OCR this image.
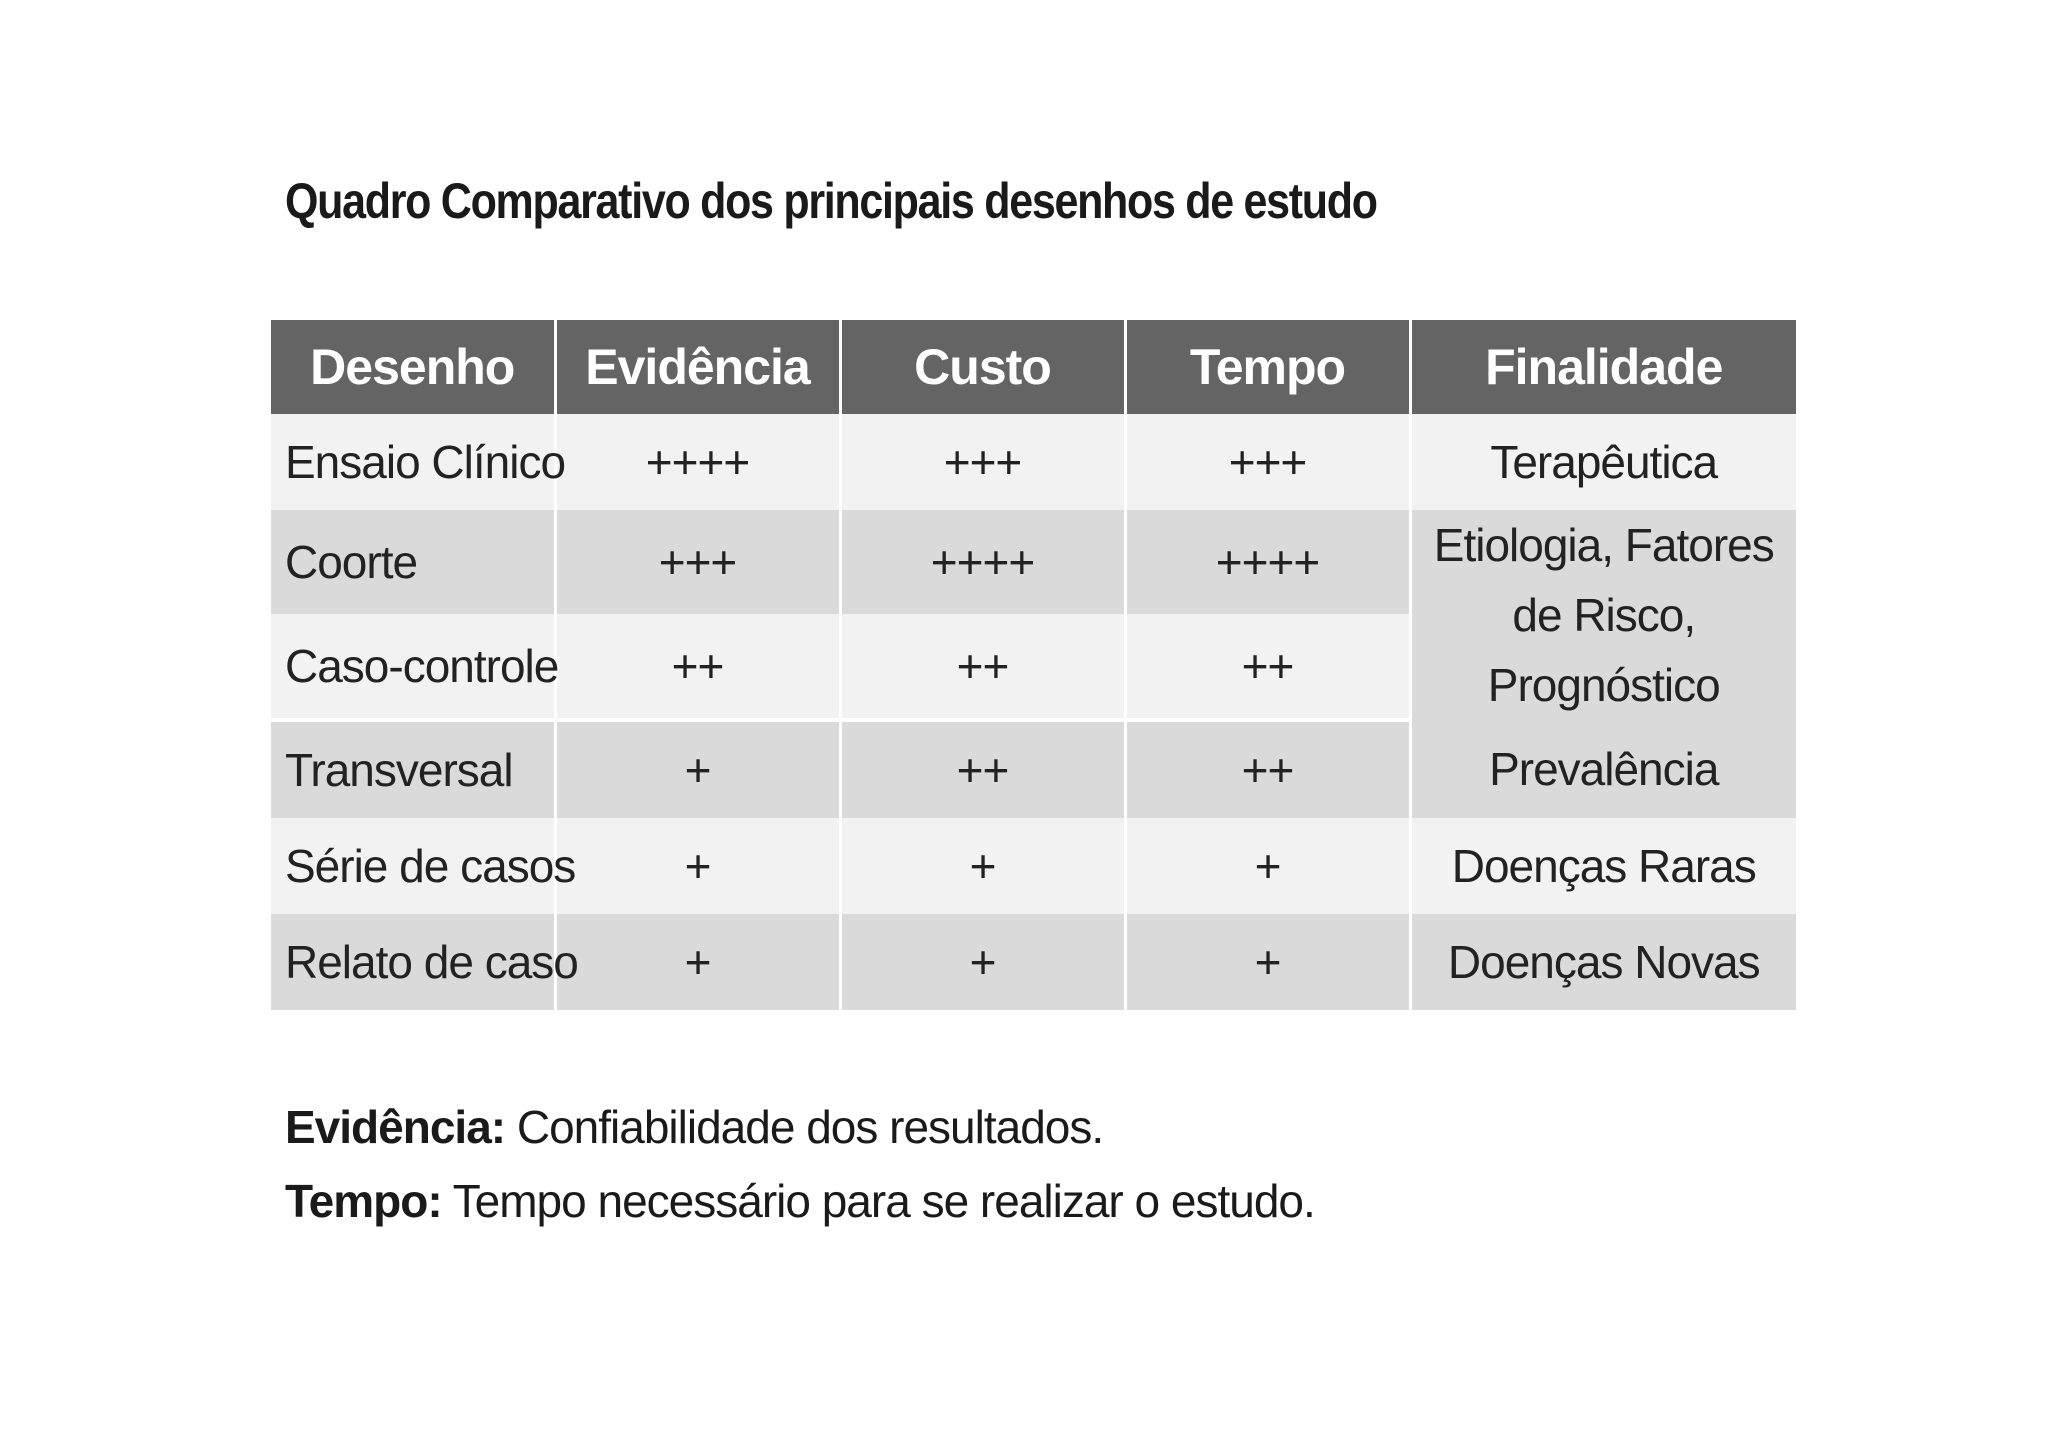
Quadro Comparativo dos principais desenhos de estudo
Desenho	Evidência	Custo	Tempo	Finalidade
Ensaio Clínico	++++	+++	+++	Terapêutica
Coorte	+++	++++	++++	Etiologia, Fatores de Risco, Prognóstico
Caso-controle	++	++	++	
Transversal	+	++	++	Prevalência
Série de casos	+	+	+	Doenças Raras
Relato de caso	+	+	+	Doenças Novas
Evidência: Confiabilidade dos resultados.
Tempo: Tempo necessário para se realizar o estudo.
